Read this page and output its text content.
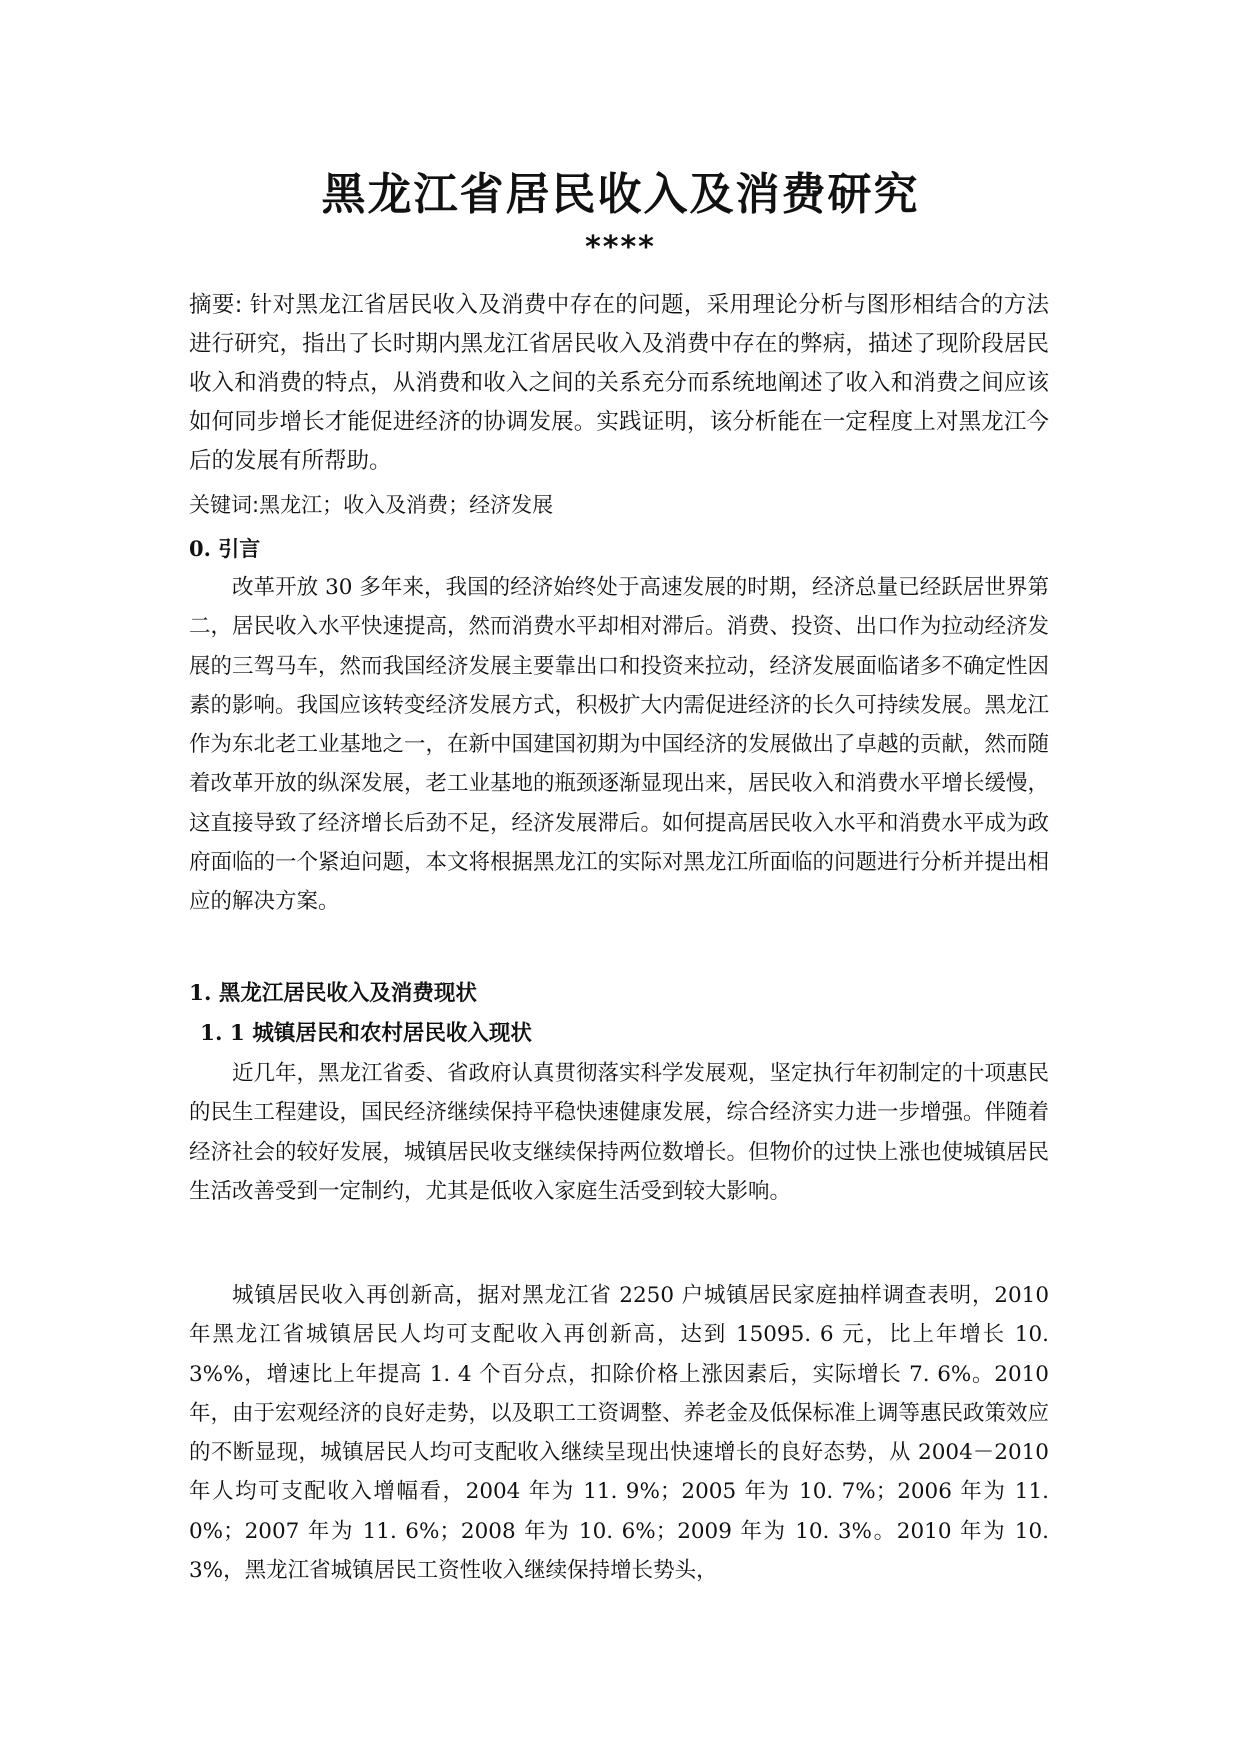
黑龙江省居民收入及消费研究
****

摘要: 针对黑龙江省居民收入及消费中存在的问题，采用理论分析与图形相结合的方法进行研究，指出了长时期内黑龙江省居民收入及消费中存在的弊病，描述了现阶段居民收入和消费的特点，从消费和收入之间的关系充分而系统地阐述了收入和消费之间应该如何同步增长才能促进经济的协调发展。实践证明，该分析能在一定程度上对黑龙江今后的发展有所帮助。

关键词:黑龙江；收入及消费；经济发展

0. 引言

改革开放 30 多年来，我国的经济始终处于高速发展的时期，经济总量已经跃居世界第二，居民收入水平快速提高，然而消费水平却相对滞后。消费、投资、出口作为拉动经济发展的三驾马车，然而我国经济发展主要靠出口和投资来拉动，经济发展面临诸多不确定性因素的影响。我国应该转变经济发展方式，积极扩大内需促进经济的长久可持续发展。黑龙江作为东北老工业基地之一，在新中国建国初期为中国经济的发展做出了卓越的贡献，然而随着改革开放的纵深发展，老工业基地的瓶颈逐渐显现出来，居民收入和消费水平增长缓慢，这直接导致了经济增长后劲不足，经济发展滞后。如何提高居民收入水平和消费水平成为政府面临的一个紧迫问题，本文将根据黑龙江的实际对黑龙江所面临的问题进行分析并提出相应的解决方案。

1. 黑龙江居民收入及消费现状
1. 1 城镇居民和农村居民收入现状

近几年，黑龙江省委、省政府认真贯彻落实科学发展观，坚定执行年初制定的十项惠民的民生工程建设，国民经济继续保持平稳快速健康发展，综合经济实力进一步增强。伴随着经济社会的较好发展，城镇居民收支继续保持两位数增长。但物价的过快上涨也使城镇居民生活改善受到一定制约，尤其是低收入家庭生活受到较大影响。

城镇居民收入再创新高，据对黑龙江省 2250 户城镇居民家庭抽样调查表明，2010 年黑龙江省城镇居民人均可支配收入再创新高，达到 15095. 6 元，比上年增长 10. 3%%，增速比上年提高 1. 4 个百分点，扣除价格上涨因素后，实际增长 7. 6%。2010 年，由于宏观经济的良好走势，以及职工工资调整、养老金及低保标准上调等惠民政策效应的不断显现，城镇居民人均可支配收入继续呈现出快速增长的良好态势，从 2004－2010 年人均可支配收入增幅看，2004 年为 11. 9%；2005 年为 10. 7%；2006 年为 11. 0%；2007 年为 11. 6%；2008 年为 10. 6%；2009 年为 10. 3%。2010 年为 10. 3%，黑龙江省城镇居民工资性收入继续保持增长势头，
